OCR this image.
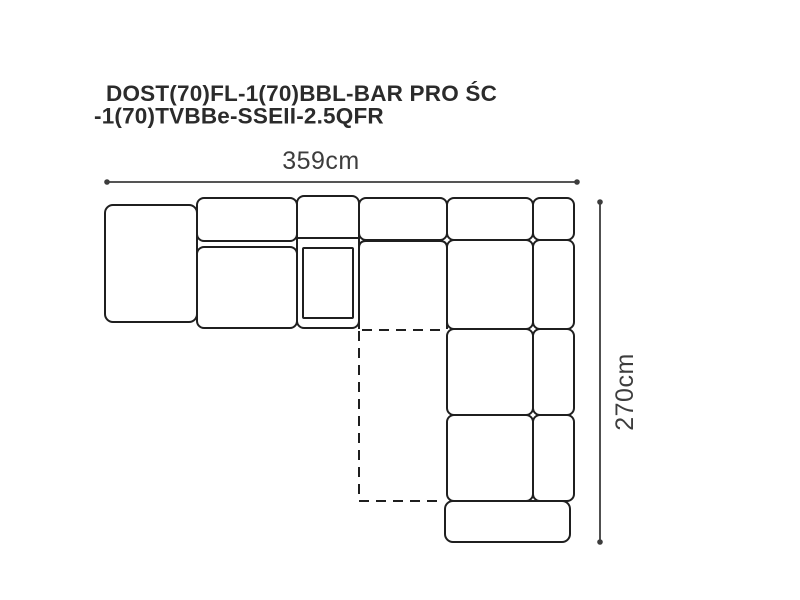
DOST(70)FL-1(70)BBL-BAR PRO ŚC
-1(70)TVBBe-SSEII-2.5QFR
359cm
270cm
